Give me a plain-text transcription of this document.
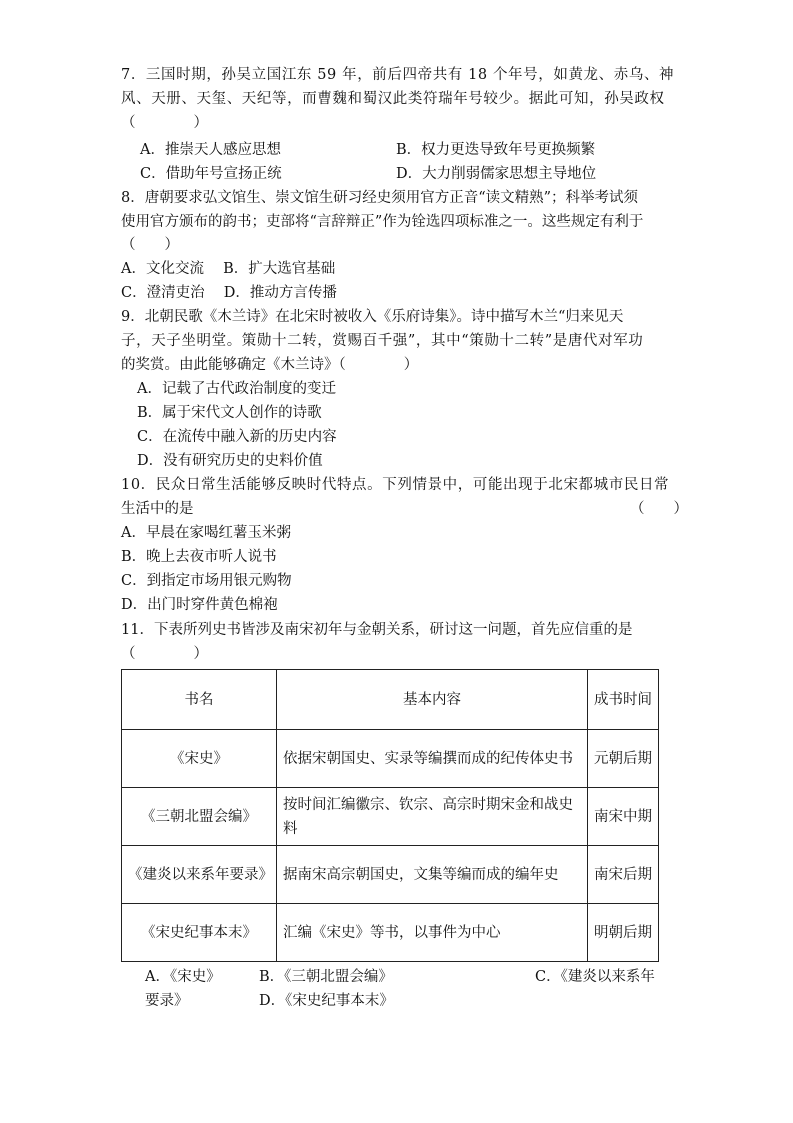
7．三国时期，孙吴立国江东 59 年，前后四帝共有 18 个年号，如黄龙、赤乌、神
风、天册、天玺、天纪等，而曹魏和蜀汉此类符瑞年号较少。据此可知，孙吴政权
（　　　　）
A．推崇天人感应思想	B．权力更迭导致年号更换频繁
C．借助年号宣扬正统	D．大力削弱儒家思想主导地位
8．唐朝要求弘文馆生、崇文馆生研习经史须用官方正音“读文精熟”；科举考试须
使用官方颁布的韵书；吏部将“言辞辩正”作为铨选四项标准之一。这些规定有利于
（　　）
A．文化交流　 B．扩大选官基础
C．澄清吏治　 D．推动方言传播
9．北朝民歌《木兰诗》在北宋时被收入《乐府诗集》。诗中描写木兰“归来见天
子，天子坐明堂。策勋十二转，赏赐百千强”，其中“策勋十二转”是唐代对军功
的奖赏。由此能够确定《木兰诗》（　　　　）
A．记载了古代政治制度的变迁
B．属于宋代文人创作的诗歌
C．在流传中融入新的历史内容
D．没有研究历史的史料价值
10．民众日常生活能够反映时代特点。下列情景中，可能出现于北宋都城市民日常
生活中的是	（　　）
A．早晨在家喝红薯玉米粥
B．晚上去夜市听人说书
C．到指定市场用银元购物
D．出门时穿件黄色棉袍
11．下表所列史书皆涉及南宋初年与金朝关系，研讨这一问题，首先应信重的是
（　　　　）
书名	基本内容	成书时间
《宋史》	依据宋朝国史、实录等编撰而成的纪传体史书	元朝后期
《三朝北盟会编》	按时间汇编徽宗、钦宗、高宗时期宋金和战史料	南宋中期
《建炎以来系年要录》	据南宋高宗朝国史，文集等编而成的编年史	南宋后期
《宋史纪事本末》	汇编《宋史》等书，以事件为中心	明朝后期
A．《宋史》	B．《三朝北盟会编》	C．《建炎以来系年
要录》	D．《宋史纪事本末》
